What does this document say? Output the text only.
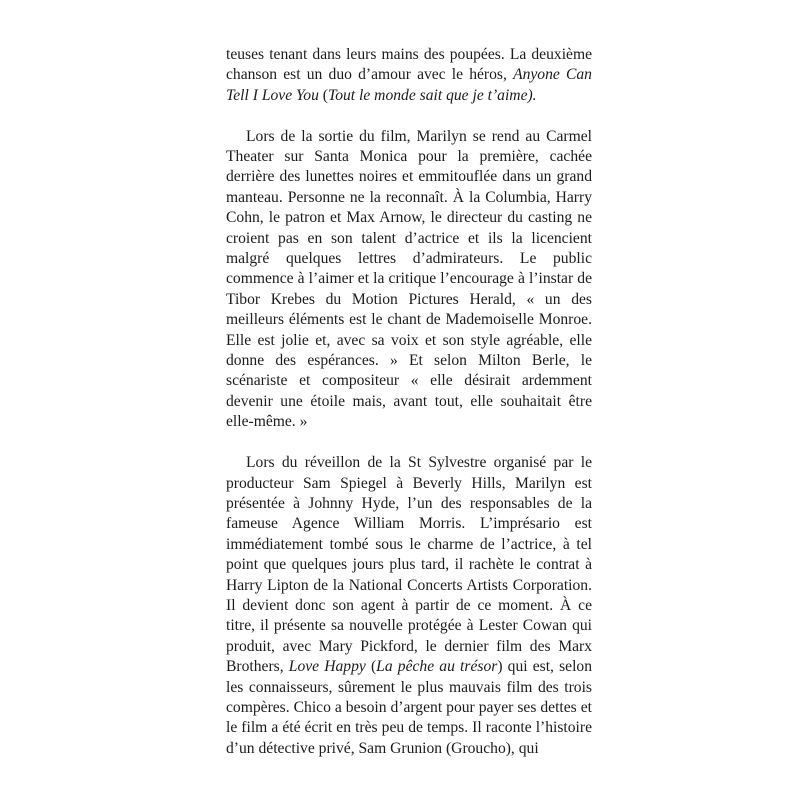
teuses tenant dans leurs mains des poupées. La deuxième chanson est un duo d’amour avec le héros, Anyone Can Tell I Love You (Tout le monde sait que je t’aime).

Lors de la sortie du film, Marilyn se rend au Carmel Theater sur Santa Monica pour la première, cachée derrière des lunettes noires et emmitouflée dans un grand manteau. Personne ne la reconnaît. À la Columbia, Harry Cohn, le patron et Max Arnow, le directeur du casting ne croient pas en son talent d’actrice et ils la licencient malgré quelques lettres d’admirateurs. Le public commence à l’aimer et la critique l’encourage à l’instar de Tibor Krebes du Motion Pictures Herald, « un des meilleurs éléments est le chant de Mademoiselle Monroe. Elle est jolie et, avec sa voix et son style agréable, elle donne des espérances. » Et selon Milton Berle, le scénariste et compositeur « elle désirait ardemment devenir une étoile mais, avant tout, elle souhaitait être elle-même. »

Lors du réveillon de la St Sylvestre organisé par le producteur Sam Spiegel à Beverly Hills, Marilyn est présentée à Johnny Hyde, l’un des responsables de la fameuse Agence William Morris. L’imprésario est immédiatement tombé sous le charme de l’actrice, à tel point que quelques jours plus tard, il rachète le contrat à Harry Lipton de la National Concerts Artists Corporation. Il devient donc son agent à partir de ce moment. À ce titre, il présente sa nouvelle protégée à Lester Cowan qui produit, avec Mary Pickford, le dernier film des Marx Brothers, Love Happy (La pêche au trésor) qui est, selon les connaisseurs, sûrement le plus mauvais film des trois compères. Chico a besoin d’argent pour payer ses dettes et le film a été écrit en très peu de temps. Il raconte l’histoire d’un détective privé, Sam Grunion (Groucho), qui
